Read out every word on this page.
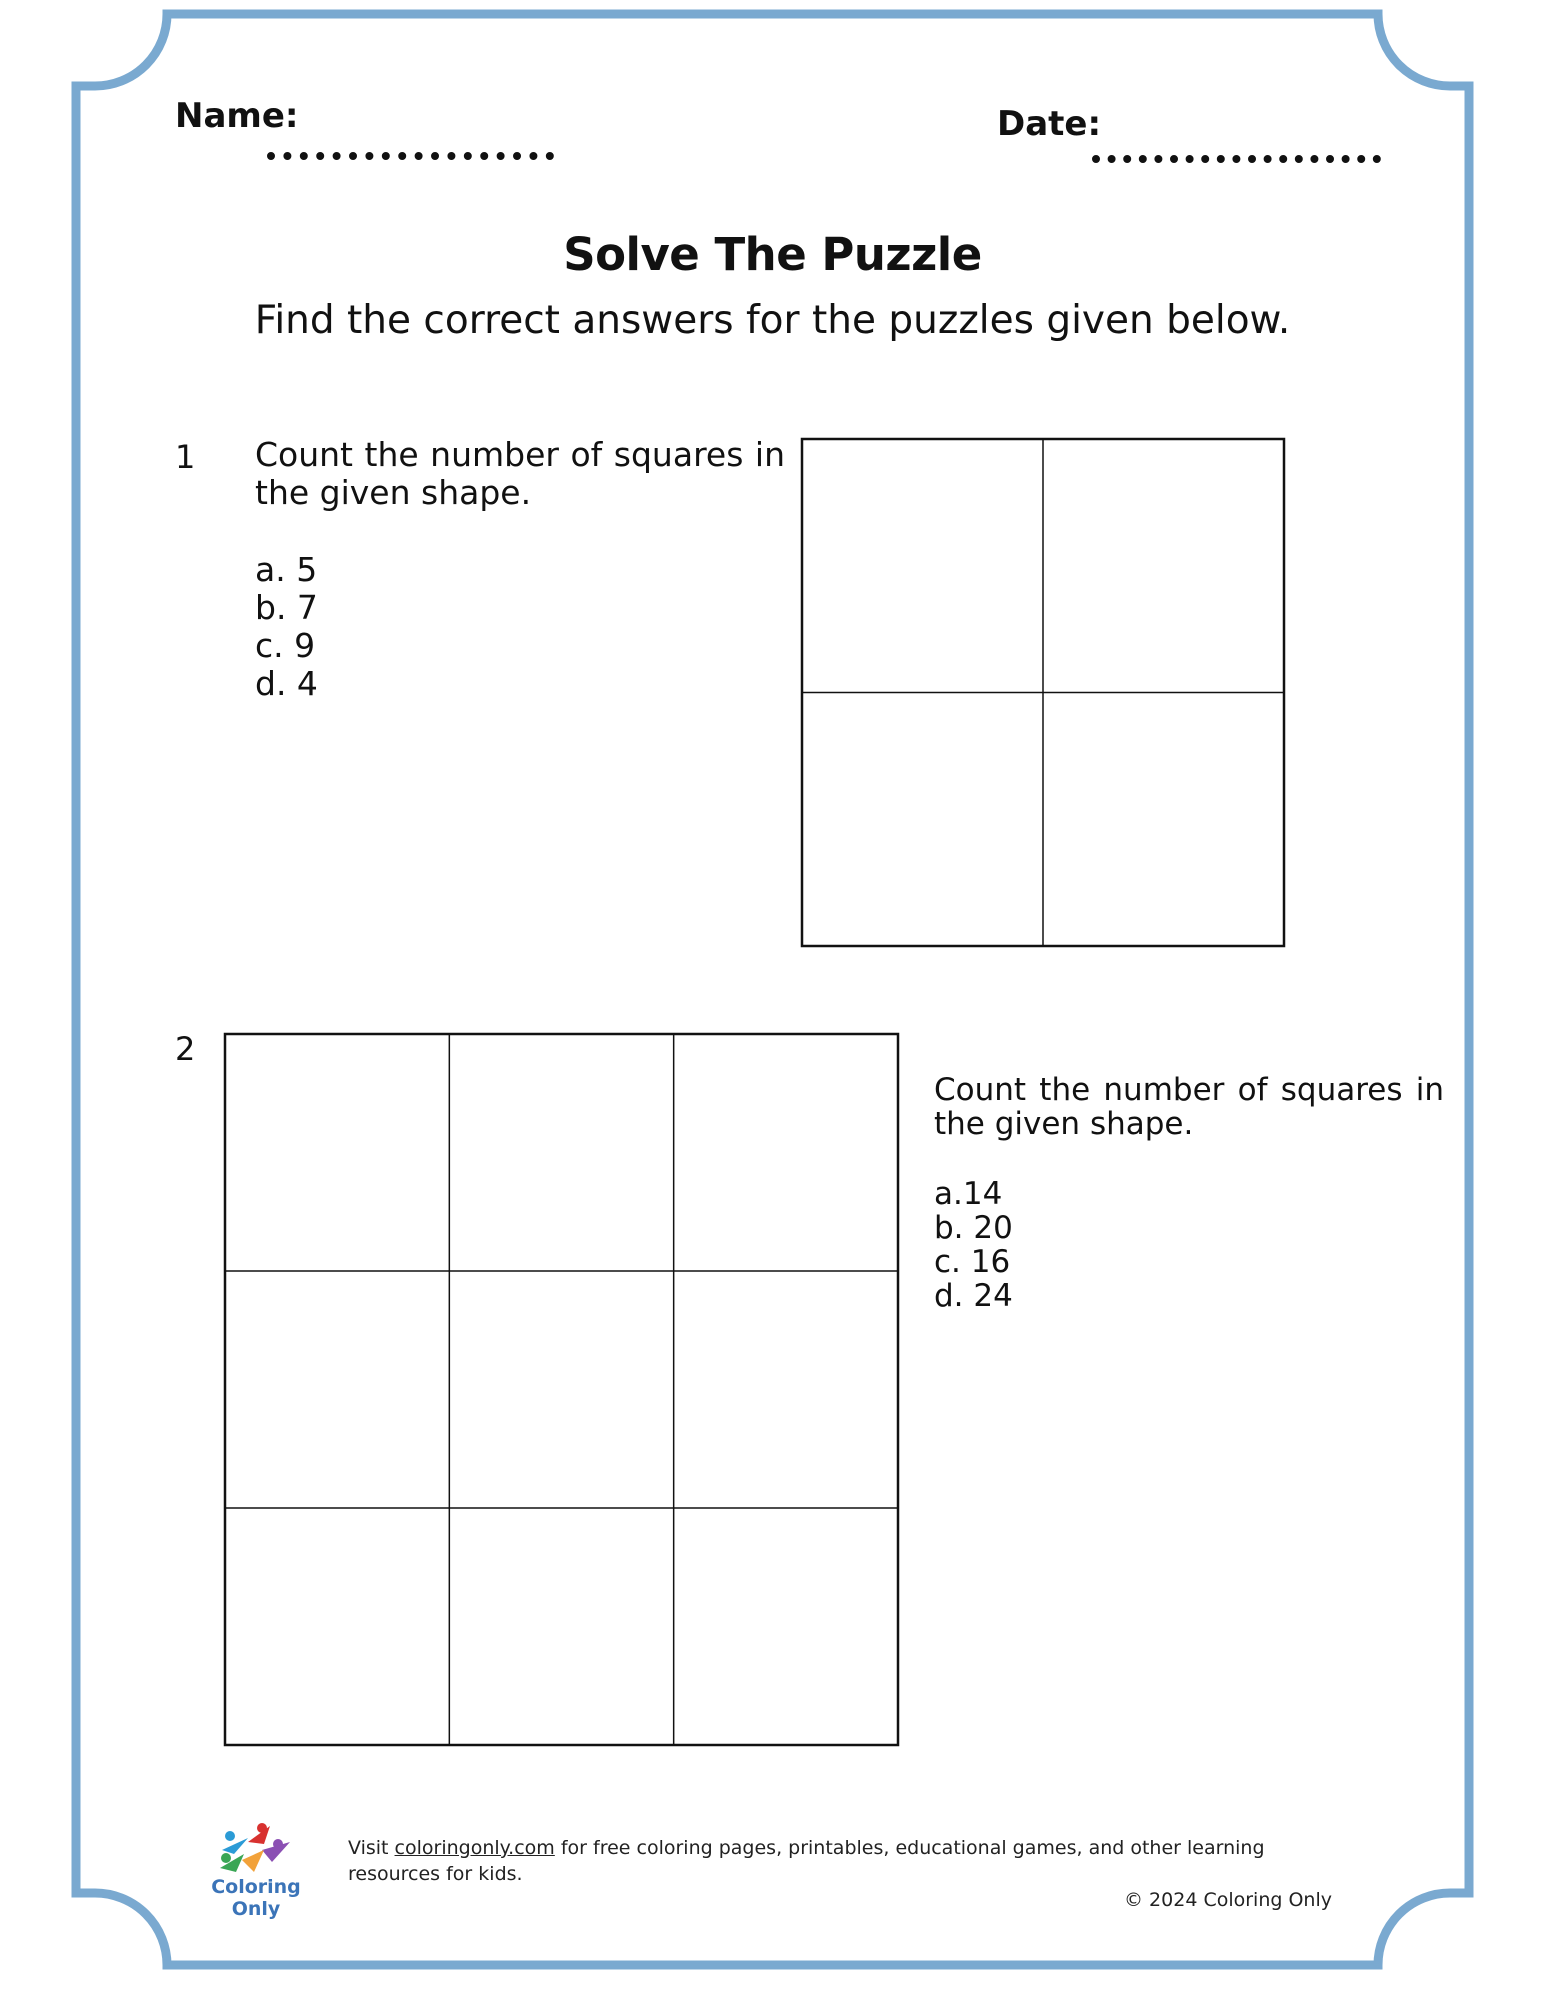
Name:	Date:
Solve The Puzzle
Find the correct answers for the puzzles given below.
1 Count the number of squares in the given shape.
a. 5
b. 7
c. 9
d. 4
2
Count the number of squares in the given shape.
a.14
b. 20
c. 16
d. 24
Coloring Only
Visit coloringonly.com for free coloring pages, printables, educational games, and other learning resources for kids.
© 2024 Coloring Only
